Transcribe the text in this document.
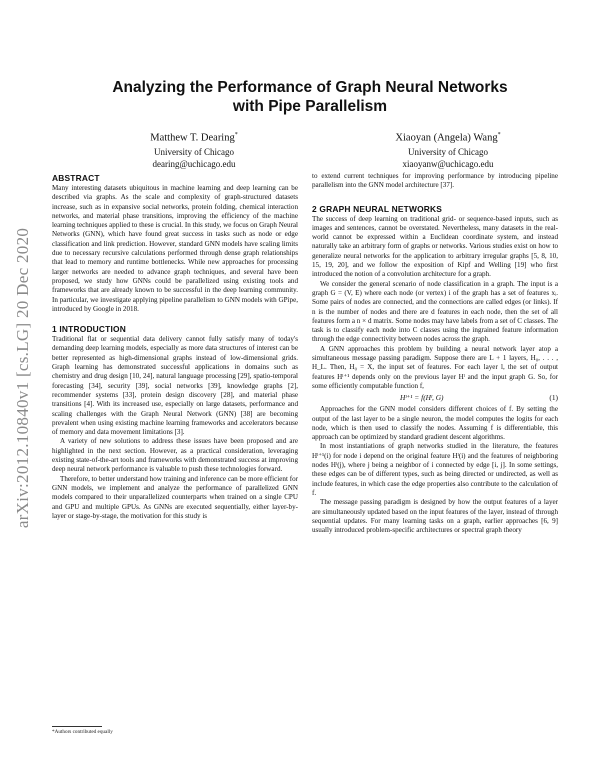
arXiv:2012.10840v1 [cs.LG] 20 Dec 2020
Analyzing the Performance of Graph Neural Networks
with Pipe Parallelism
Matthew T. Dearing*
University of Chicago
dearing@uchicago.edu
Xiaoyan (Angela) Wang*
University of Chicago
xiaoyanw@uchicago.edu
ABSTRACT

Many interesting datasets ubiquitous in machine learning and deep learning can be described via graphs. As the scale and complexity of graph-structured datasets increase, such as in expansive social networks, protein folding, chemical interaction networks, and material phase transitions, improving the efficiency of the machine learning techniques applied to these is crucial. In this study, we focus on Graph Neural Networks (GNN), which have found great success in tasks such as node or edge classification and link prediction. However, standard GNN models have scaling limits due to necessary recursive calculations performed through dense graph relationships that lead to memory and runtime bottlenecks. While new approaches for processing larger networks are needed to advance graph techniques, and several have been proposed, we study how GNNs could be parallelized using existing tools and frameworks that are already known to be successful in the deep learning community. In particular, we investigate applying pipeline parallelism to GNN models with GPipe, introduced by Google in 2018.

1 INTRODUCTION

Traditional flat or sequential data delivery cannot fully satisfy many of today's demanding deep learning models, especially as more data structures of interest can be better represented as high-dimensional graphs instead of low-dimensional grids. Graph learning has demonstrated successful applications in domains such as chemistry and drug design [10, 24], natural language processing [29], spatio-temporal forecasting [34], security [39], social networks [39], knowledge graphs [2], recommender systems [33], protein design discovery [28], and material phase transitions [4]. With its increased use, especially on large datasets, performance and scaling challenges with the Graph Neural Network (GNN) [38] are becoming prevalent when using existing machine learning frameworks and accelerators because of memory and data movement limitations [3].

A variety of new solutions to address these issues have been proposed and are highlighted in the next section. However, as a practical consideration, leveraging existing state-of-the-art tools and frameworks with demonstrated success at improving deep neural network performance is valuable to push these technologies forward.

Therefore, to better understand how training and inference can be more efficient for GNN models, we implement and analyze the performance of parallelized GNN models compared to their unparallelized counterparts when trained on a single CPU and GPU and multiple GPUs. As GNNs are executed sequentially, either layer-by-layer or stage-by-stage, the motivation for this study is

to extend current techniques for improving performance by introducing pipeline parallelism into the GNN model architecture [37].

2 GRAPH NEURAL NETWORKS

The success of deep learning on traditional grid- or sequence-based inputs, such as images and sentences, cannot be overstated. Nevertheless, many datasets in the real-world cannot be expressed within a Euclidean coordinate system, and instead naturally take an arbitrary form of graphs or networks. Various studies exist on how to generalize neural networks for the application to arbitrary irregular graphs [5, 8, 10, 15, 19, 20], and we follow the exposition of Kipf and Welling [19] who first introduced the notion of a convolution architecture for a graph.

We consider the general scenario of node classification in a graph. The input is a graph G = (V, E) where each node (or vertex) i of the graph has a set of features xᵢ. Some pairs of nodes are connected, and the connections are called edges (or links). If n is the number of nodes and there are d features in each node, then the set of all features form a n × d matrix. Some nodes may have labels from a set of C classes. The task is to classify each node into C classes using the ingrained feature information through the edge connectivity between nodes across the graph.

A GNN approaches this problem by building a neural network layer atop a simultaneous message passing paradigm. Suppose there are L + 1 layers, H₀, . . . , H_L. Then, H₀ = X, the input set of features. For each layer l, the set of output features Hˡ⁺¹ depends only on the previous layer Hˡ and the input graph G. So, for some efficiently computable function f,

Hˡ⁺¹ = f(Hˡ, G)	(1)

Approaches for the GNN model considers different choices of f. By setting the output of the last layer to be a single neuron, the model computes the logits for each node, which is then used to classify the nodes. Assuming f is differentiable, this approach can be optimized by standard gradient descent algorithms.

In most instantiations of graph networks studied in the literature, the features Hˡ⁺¹(i) for node i depend on the original feature Hˡ(i) and the features of neighboring nodes Hˡ(j), where j being a neighbor of i connected by edge [i, j]. In some settings, these edges can be of different types, such as being directed or undirected, as well as include features, in which case the edge properties also contribute to the calculation of f.

The message passing paradigm is designed by how the output features of a layer are simultaneously updated based on the input features of the layer, instead of through sequential updates. For many learning tasks on a graph, earlier approaches [6, 9] usually introduced problem-specific architectures or spectral graph theory

*Authors contributed equally
